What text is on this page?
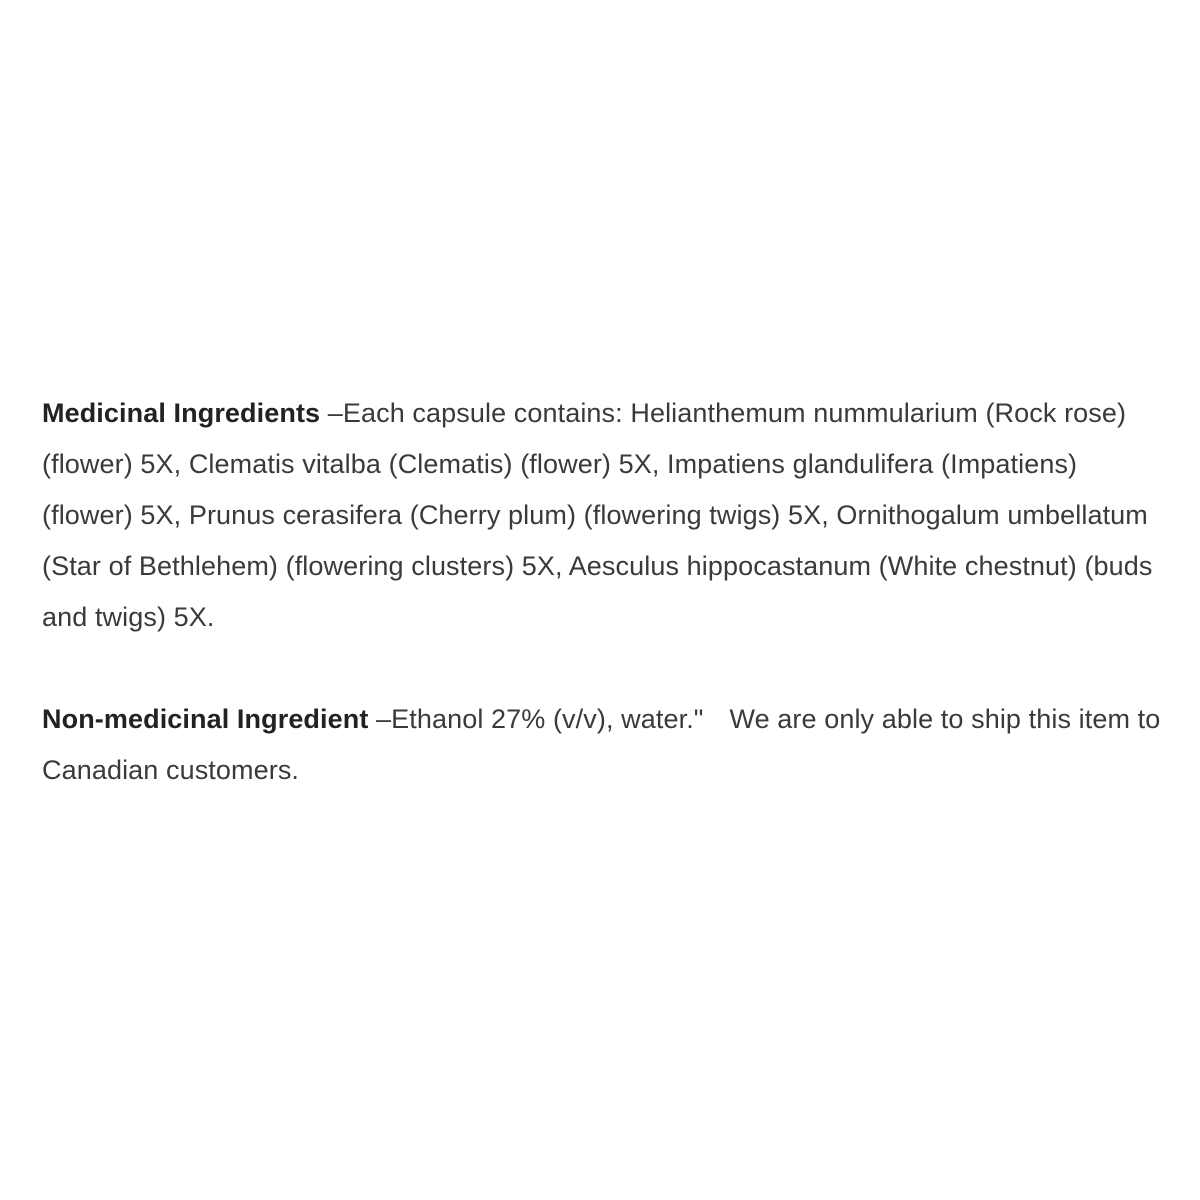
Medicinal Ingredients –Each capsule contains: Helianthemum nummularium (Rock rose) (flower) 5X, Clematis vitalba (Clematis) (flower) 5X, Impatiens glandulifera (Impatiens) (flower) 5X, Prunus cerasifera (Cherry plum) (flowering twigs) 5X, Ornithogalum umbellatum (Star of Bethlehem) (flowering clusters) 5X, Aesculus hippocastanum (White chestnut) (buds and twigs) 5X.

Non-medicinal Ingredient –Ethanol 27% (v/v), water." We are only able to ship this item to Canadian customers.
